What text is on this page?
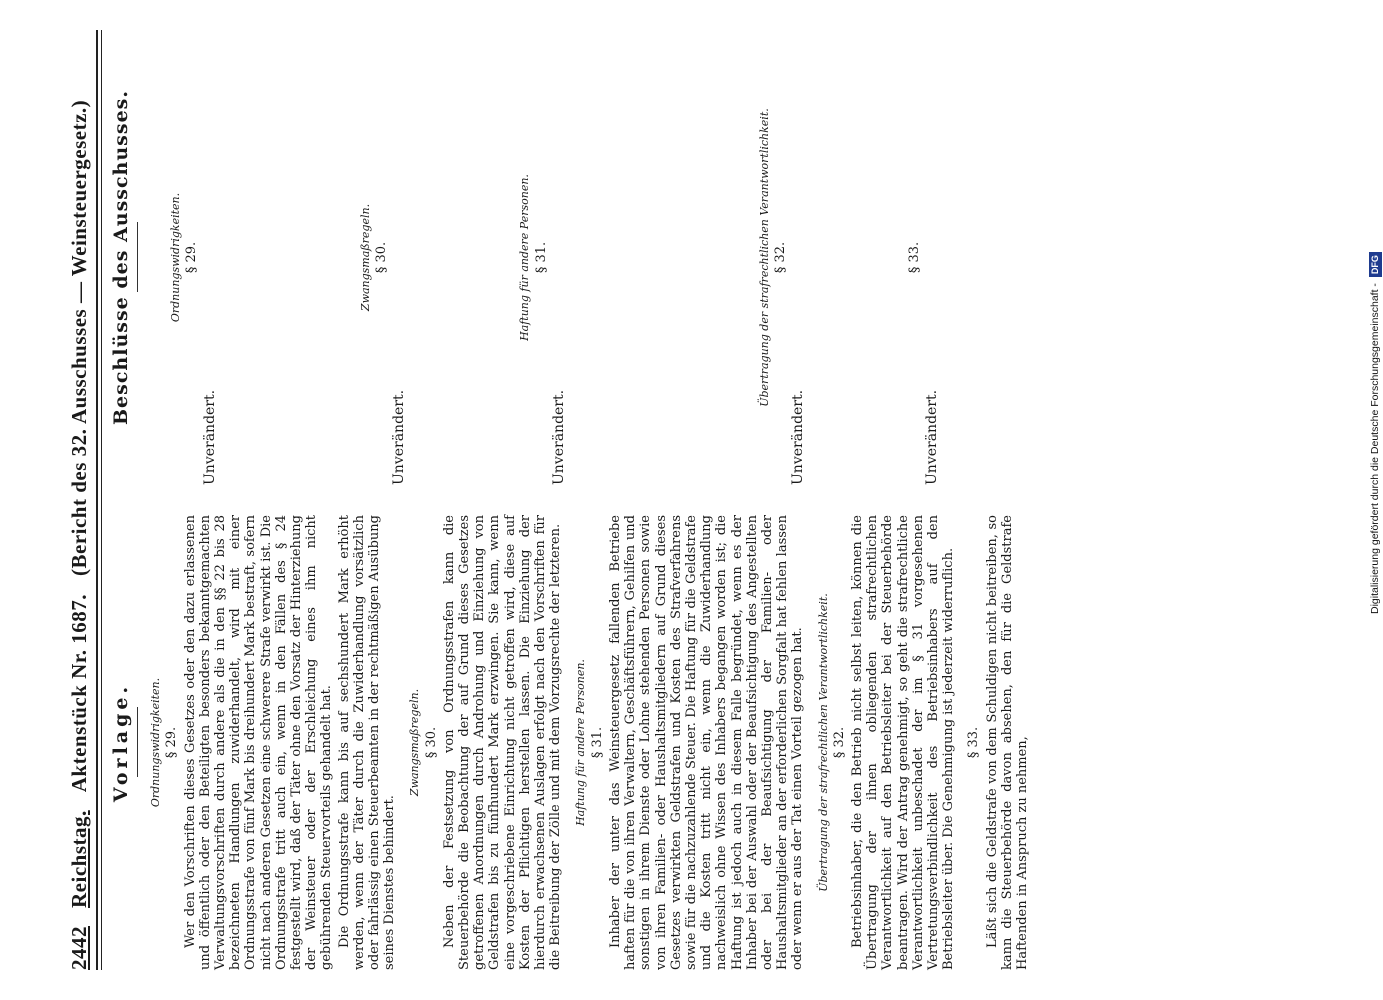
2442
Reichstag.
Aktenstück Nr. 1687.
(Bericht des 32. Ausschusses — Weinsteuergesetz.)
Vorlage. Ordnungswidrigkeiten. § 29. Wer den Vorschriften dieses Gesetzes oder den dazu erlassenen und öffentlich oder den Beteiligten besonders bekanntgemachten Verwaltungsvorschriften durch andere als die in den §§ 22 bis 28 bezeichneten Handlungen zuwiderhandelt, wird mit einer Ordnungsstrafe von fünf Mark bis dreihundert Mark bestraft, sofern nicht nach anderen Gesetzen eine schwerere Strafe verwirkt ist. Die Ordnungsstrafe tritt auch ein, wenn in den Fällen des § 24 festgestellt wird, daß der Täter ohne den Vorsatz der Hinterziehung der Weinsteuer oder der Erschleichung eines ihm nicht gebührenden Steuervorteils gehandelt hat. Die Ordnungsstrafe kann bis auf sechshundert Mark erhöht werden, wenn der Täter durch die Zuwiderhandlung vorsätzlich oder fahrlässig einen Steuerbeamten in der rechtmäßigen Ausübung seines Dienstes behindert.

Zwangsmaßregeln. § 30. Neben der Festsetzung von Ordnungsstrafen kann die Steuerbehörde die Beobachtung der auf Grund dieses Gesetzes getroffenen Anordnungen durch Androhung und Einziehung von Geldstrafen bis zu fünfhundert Mark erzwingen. Sie kann, wenn eine vorgeschriebene Einrichtung nicht getroffen wird, diese auf Kosten der Pflichtigen herstellen lassen. Die Einziehung der hierdurch erwachsenen Auslagen erfolgt nach den Vorschriften für die Beitreibung der Zölle und mit dem Vorzugsrechte der letzteren. Haftung für andere Personen. § 31. Inhaber der unter das Weinsteuergesetz fallenden Betriebe haften für die von ihren Verwaltern, Geschäftsführern, Gehilfen und sonstigen in ihrem Dienste oder Lohne stehenden Personen sowie von ihren Familien- oder Haushaltsmitgliedern auf Grund dieses Gesetzes verwirkten Geldstrafen und Kosten des Strafverfahrens sowie für die nachzuzahlende Steuer. Die Haftung für die Geldstrafe und die Kosten tritt nicht ein, wenn die Zuwiderhandlung nachweislich ohne Wissen des Inhabers begangen worden ist; die Haftung ist jedoch auch in diesem Falle begründet, wenn es der Inhaber bei der Auswahl oder der Beaufsichtigung des Angestellten oder bei der Beaufsichtigung der Familien- oder Haushaltsmitglieder an der erforderlichen Sorgfalt hat fehlen lassen oder wenn er aus der Tat einen Vorteil gezogen hat. Übertragung der strafrechtlichen Verantwortlichkeit. § 32. Betriebsinhaber, die den Betrieb nicht selbst leiten, können die Übertragung der ihnen obliegenden strafrechtlichen Verantwortlichkeit auf den Betriebsleiter bei der Steuerbehörde beantragen. Wird der Antrag genehmigt, so geht die strafrechtliche Verantwortlichkeit unbeschadet der im § 31 vorgesehenen Vertretungsverbindlichkeit des Betriebsinhabers auf den Betriebsleiter über. Die Genehmigung ist jederzeit widerruflich. § 33. Läßt sich die Geldstrafe von dem Schuldigen nicht beitreiben, so kann die Steuerbehörde davon absehen, den für die Geldstrafe Haftenden in Anspruch zu nehmen,

Beschlüsse des Ausschusses.	Ordnungswidrigkeiten. § 29.
Unverändert.
Zwangsmaßregeln. § 30.
Unverändert.
Haftung für andere Personen. § 31.
Unverändert.
Übertragung der strafrechtlichen Verantwortlichkeit. § 32.
Unverändert.
§ 33.
Unverändert.	Digitalisierung gefördert durch die Deutsche Forschungsgemeinschaft -
DFG
